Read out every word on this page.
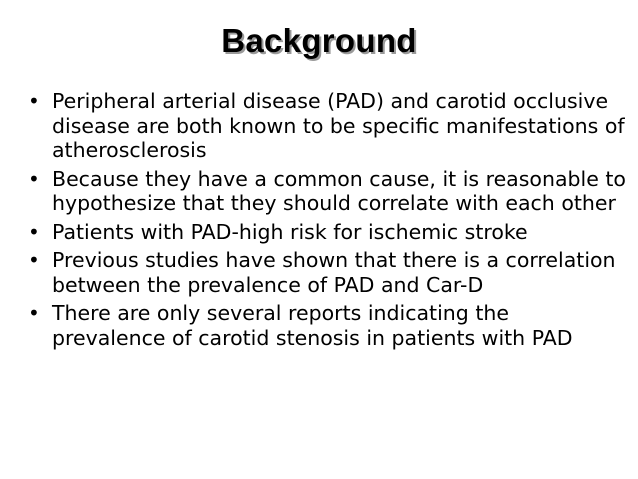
Background
• Peripheral arterial disease (PAD) and carotid occlusive disease are both known to be specific manifestations of atherosclerosis
• Because they have a common cause, it is reasonable to hypothesize that they should correlate with each other
• Patients with PAD-high risk for ischemic stroke
• Previous studies have shown that there is a correlation between the prevalence of PAD and Car-D
• There are only several reports indicating the prevalence of carotid stenosis in patients with PAD
